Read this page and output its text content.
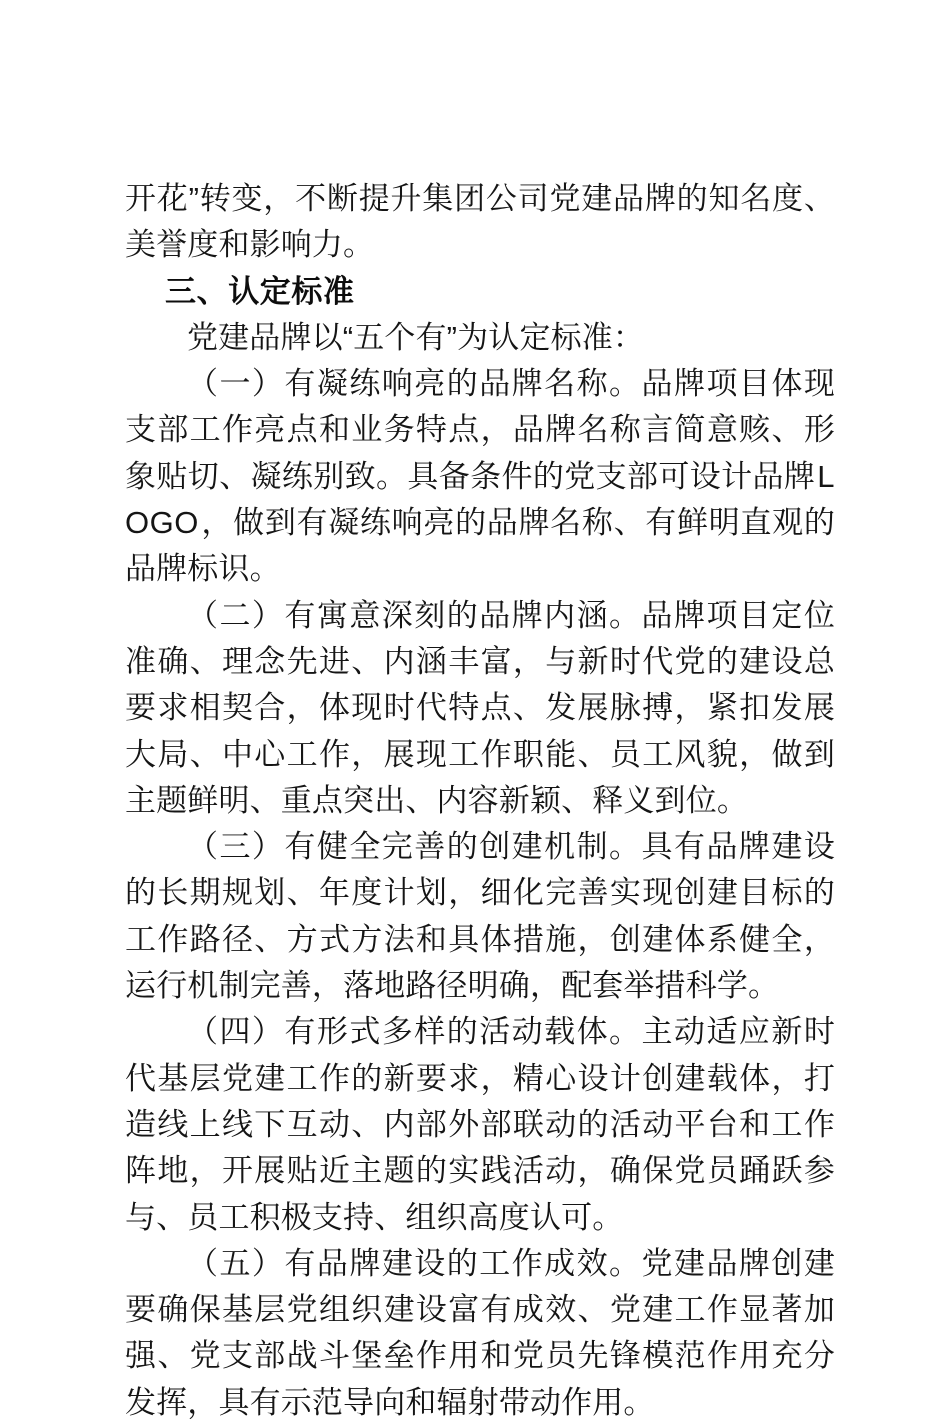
开花”转变，不断提升集团公司党建品牌的知名度、美誉度和影响力。

三、认定标准

党建品牌以“五个有”为认定标准：

（一）有凝练响亮的品牌名称。品牌项目体现支部工作亮点和业务特点，品牌名称言简意赅、形象贴切、凝练别致。具备条件的党支部可设计品牌LOGO，做到有凝练响亮的品牌名称、有鲜明直观的品牌标识。

（二）有寓意深刻的品牌内涵。品牌项目定位准确、理念先进、内涵丰富，与新时代党的建设总要求相契合，体现时代特点、发展脉搏，紧扣发展大局、中心工作，展现工作职能、员工风貌，做到主题鲜明、重点突出、内容新颖、释义到位。

（三）有健全完善的创建机制。具有品牌建设的长期规划、年度计划，细化完善实现创建目标的工作路径、方式方法和具体措施，创建体系健全，运行机制完善，落地路径明确，配套举措科学。

（四）有形式多样的活动载体。主动适应新时代基层党建工作的新要求，精心设计创建载体，打造线上线下互动、内部外部联动的活动平台和工作阵地，开展贴近主题的实践活动，确保党员踊跃参与、员工积极支持、组织高度认可。

（五）有品牌建设的工作成效。党建品牌创建要确保基层党组织建设富有成效、党建工作显著加强、党支部战斗堡垒作用和党员先锋模范作用充分发挥，具有示范导向和辐射带动作用。
